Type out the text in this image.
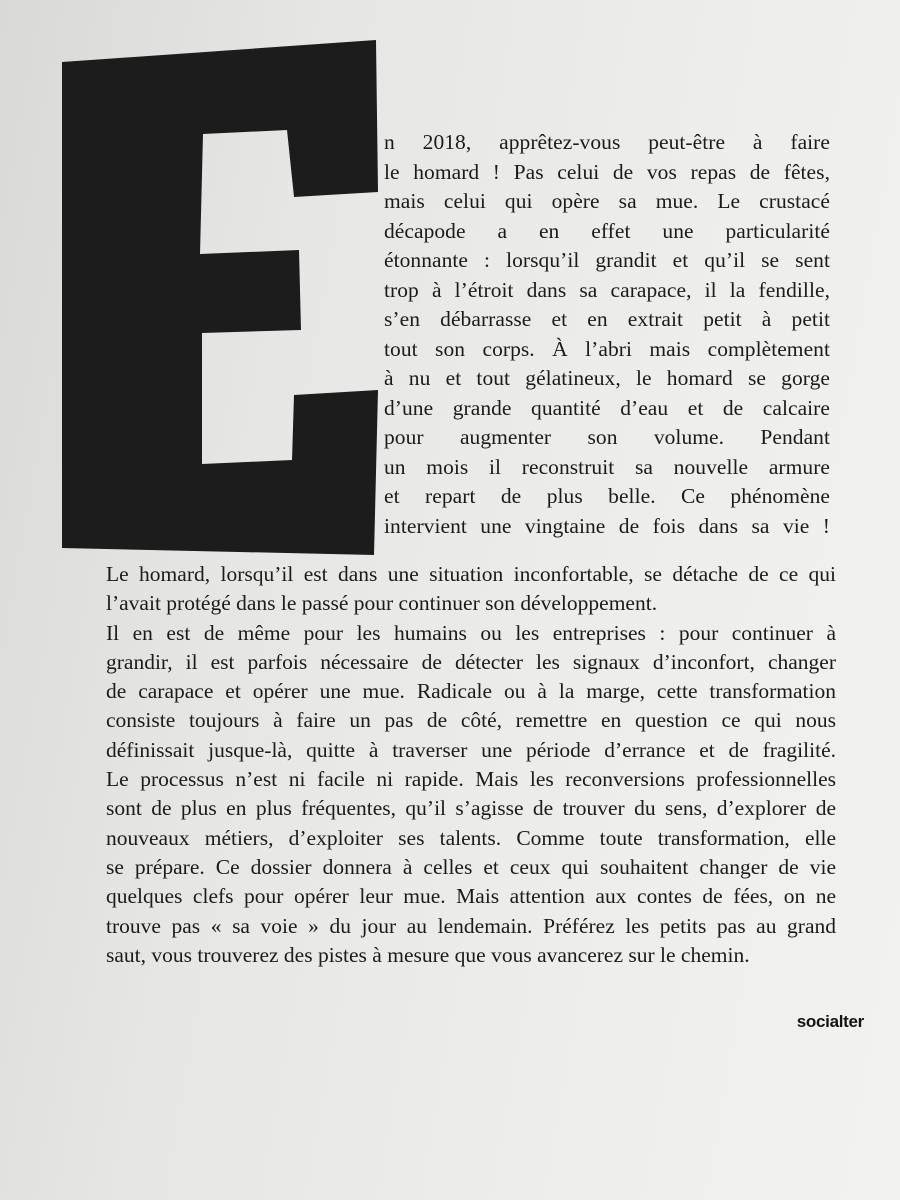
n 2018, apprêtez-vous peut-être à faire
le homard ! Pas celui de vos repas de fêtes,
mais celui qui opère sa mue. Le crustacé
décapode a en effet une particularité
étonnante : lorsqu’il grandit et qu’il se sent
trop à l’étroit dans sa carapace, il la fendille,
s’en débarrasse et en extrait petit à petit
tout son corps. À l’abri mais complètement
à nu et tout gélatineux, le homard se gorge
d’une grande quantité d’eau et de calcaire
pour augmenter son volume. Pendant
un mois il reconstruit sa nouvelle armure
et repart de plus belle. Ce phénomène
intervient une vingtaine de fois dans sa vie !

Le homard, lorsqu’il est dans une situation inconfortable, se détache de ce qui
l’avait protégé dans le passé pour continuer son développement.

Il en est de même pour les humains ou les entreprises : pour continuer à
grandir, il est parfois nécessaire de détecter les signaux d’inconfort, changer
de carapace et opérer une mue. Radicale ou à la marge, cette transformation
consiste toujours à faire un pas de côté, remettre en question ce qui nous
définissait jusque-là, quitte à traverser une période d’errance et de fragilité.
Le processus n’est ni facile ni rapide. Mais les reconversions professionnelles
sont de plus en plus fréquentes, qu’il s’agisse de trouver du sens, d’explorer de
nouveaux métiers, d’exploiter ses talents. Comme toute transformation, elle
se prépare. Ce dossier donnera à celles et ceux qui souhaitent changer de vie
quelques clefs pour opérer leur mue. Mais attention aux contes de fées, on ne
trouve pas « sa voie » du jour au lendemain. Préférez les petits pas au grand
saut, vous trouverez des pistes à mesure que vous avancerez sur le chemin.

socialter
